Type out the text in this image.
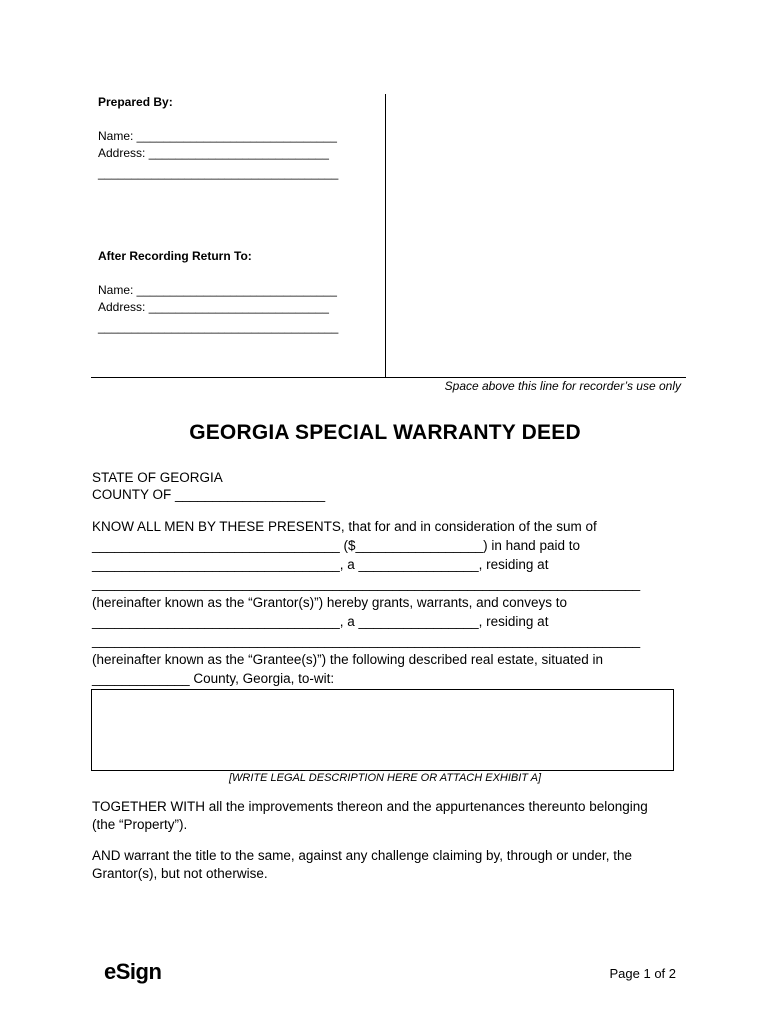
Prepared By:
Name: ______________________________
Address: ___________________________
____________________________________
After Recording Return To:
Name: ______________________________
Address: ___________________________
____________________________________
Space above this line for recorder’s use only
GEORGIA SPECIAL WARRANTY DEED
STATE OF GEORGIA
COUNTY OF ____________________
KNOW ALL MEN BY THESE PRESENTS, that for and in consideration of the sum of
_________________________________ ($_________________) in hand paid to
_________________________________, a ________________, residing at
_________________________________________________________________________
(hereinafter known as the “Grantor(s)”) hereby grants, warrants, and conveys to
_________________________________, a ________________, residing at
_________________________________________________________________________
(hereinafter known as the “Grantee(s)”) the following described real estate, situated in
_____________ County, Georgia, to-wit:
[WRITE LEGAL DESCRIPTION HERE OR ATTACH EXHIBIT A]
TOGETHER WITH all the improvements thereon and the appurtenances thereunto belonging
(the “Property”).
AND warrant the title to the same, against any challenge claiming by, through or under, the
Grantor(s), but not otherwise.
eSign	Page 1 of 2
